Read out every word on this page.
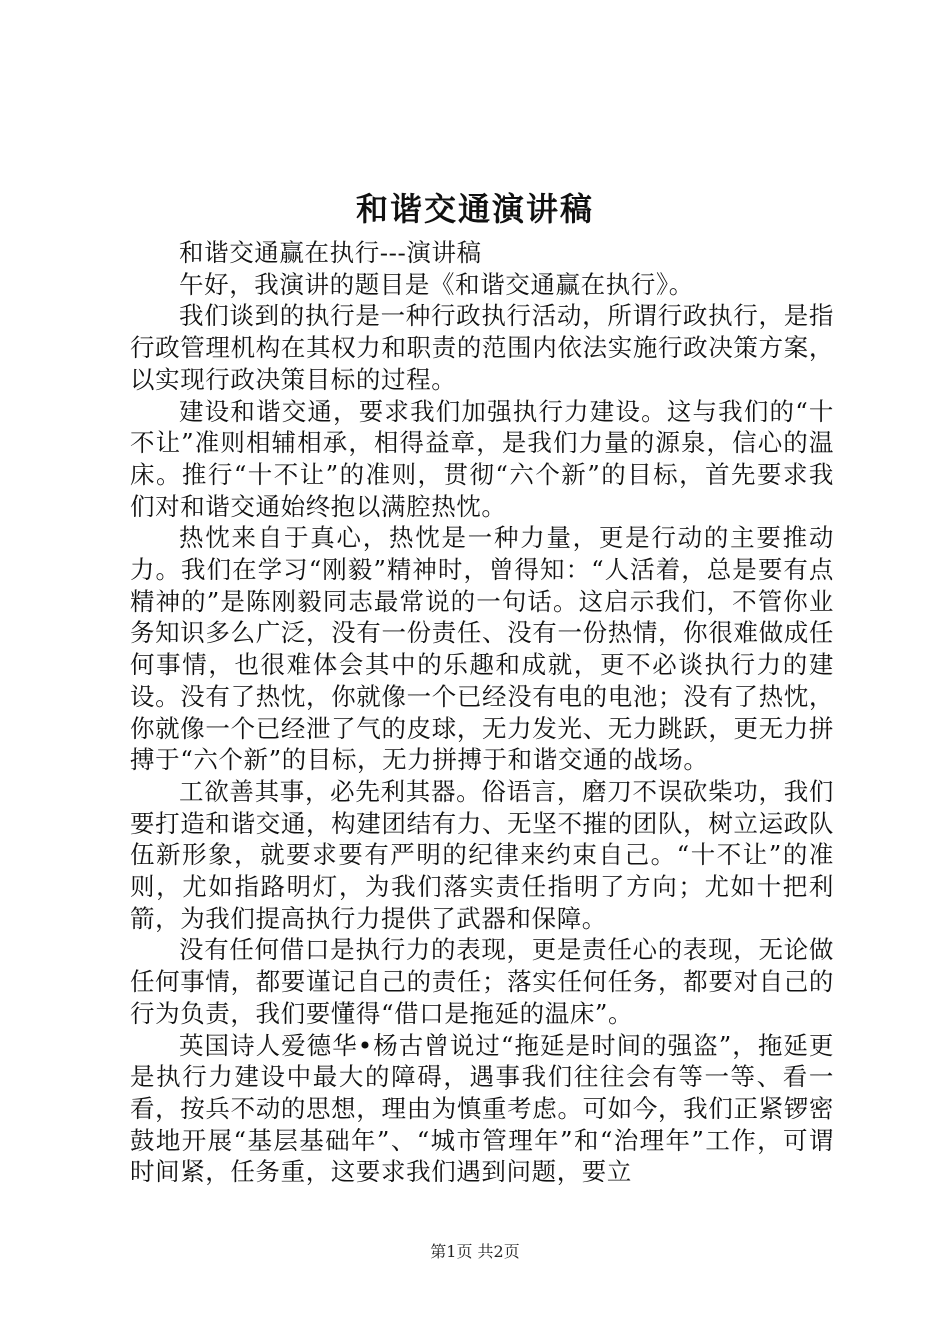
和谐交通演讲稿

和谐交通赢在执行---演讲稿

午好，我演讲的题目是《和谐交通赢在执行》。

我们谈到的执行是一种行政执行活动，所谓行政执行，是指行政管理机构在其权力和职责的范围内依法实施行政决策方案，以实现行政决策目标的过程。

建设和谐交通，要求我们加强执行力建设。这与我们的“十不让”准则相辅相承，相得益章，是我们力量的源泉，信心的温床。推行“十不让”的准则，贯彻“六个新”的目标，首先要求我们对和谐交通始终抱以满腔热忱。

热忱来自于真心，热忱是一种力量，更是行动的主要推动力。我们在学习“刚毅”精神时，曾得知：“人活着，总是要有点精神的”是陈刚毅同志最常说的一句话。这启示我们，不管你业务知识多么广泛，没有一份责任、没有一份热情，你很难做成任何事情，也很难体会其中的乐趣和成就，更不必谈执行力的建设。没有了热忱，你就像一个已经没有电的电池；没有了热忱，你就像一个已经泄了气的皮球，无力发光、无力跳跃，更无力拼搏于“六个新”的目标，无力拼搏于和谐交通的战场。

工欲善其事，必先利其器。俗语言，磨刀不误砍柴功，我们要打造和谐交通，构建团结有力、无坚不摧的团队，树立运政队伍新形象，就要求要有严明的纪律来约束自己。“十不让”的准则，尤如指路明灯，为我们落实责任指明了方向；尤如十把利箭，为我们提高执行力提供了武器和保障。

没有任何借口是执行力的表现，更是责任心的表现，无论做任何事情，都要谨记自己的责任；落实任何任务，都要对自己的行为负责，我们要懂得“借口是拖延的温床”。

英国诗人爱德华•杨古曾说过“拖延是时间的强盗”，拖延更是执行力建设中最大的障碍，遇事我们往往会有等一等、看一看，按兵不动的思想，理由为慎重考虑。可如今，我们正紧锣密鼓地开展“基层基础年”、“城市管理年”和“治理年”工作，可谓时间紧，任务重，这要求我们遇到问题，要立

第1页 共2页
